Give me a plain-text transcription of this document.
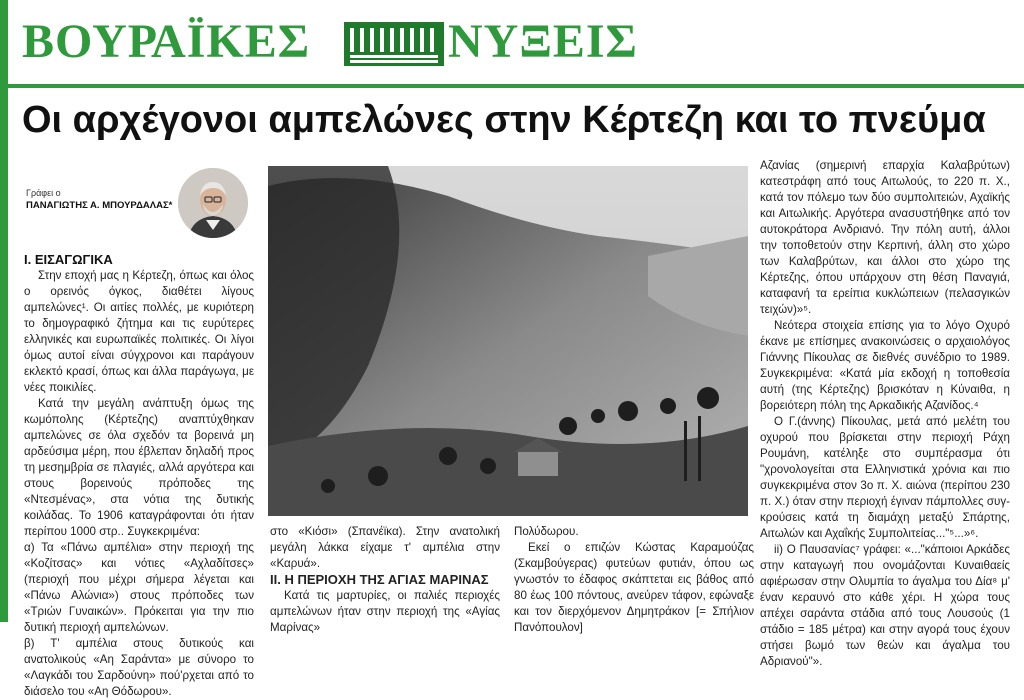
ΒΟΥΡΑΪΚΕΣ	ΝΥΞΕΙΣ
Οι αρχέγονοι αμπελώνες στην Κέρτεζη και το πνεύμα
Γράφει ο
ΠΑΝΑΓΙΩΤΗΣ Α. ΜΠΟΥΡΔΑΛΑΣ*

Ι. ΕΙΣΑΓΩΓΙΚΑ

Στην εποχή μας η Κέρτεζη, όπως και όλος ο ορεινός όγκος, διαθέτει λίγους αμπελώνες¹. Οι αιτίες πολλές, με κυριότερη το δημογραφικό ζήτημα και τις ευρύτερες ελληνικές και ευρωπαϊκές πολιτικές. Οι λίγοι όμως αυτοί είναι σύγχρονοι και παράγουν εκλεκτό κρασί, όπως και άλλα παράγωγα, με νέες ποικιλίες.

Κατά την μεγάλη ανάπτυξη όμως της κωμόπολης (Κέρτεζης) αναπτύχθηκαν αμπελώνες σε όλα σχεδόν τα βορεινά μη αρδεύσιμα μέρη, που έβλεπαν δηλαδή προς τη μεσημβρία σε πλαγιές, αλλά αργότερα και στους βορεινούς πρόποδες της «Ντεσμένας», στα νότια της δυτικής κοιλάδας. Το 1906 καταγράφονται ότι ήταν περίπου 1000 στρ.. Συγκεκριμένα:

α) Τα «Πάνω αμπέλια» στην περιοχή της «Κοζίτσας» και νότιες «Αχλαδίτσες» (περιοχή που μέχρι σήμερα λέγεται και «Πάνω Αλώνια») στους πρόποδες των «Τριών Γυναικών». Πρόκειται για την πιο δυτική περιοχή αμπελώνων.

β) Τ' αμπέλια στους δυτικούς και ανατολικούς «Αη Σαράντα» με σύνορο το «Λαγκάδι του Σαρδούνη» πού'ρχεται από το διάσελο του «Αη Θόδωρου».

στο «Κιόσι» (Σπανέϊκα). Στην ανατολική μεγάλη λάκκα είχαμε τ' αμπέλια στην «Καρυά».

ΙΙ. Η ΠΕΡΙΟΧΗ ΤΗΣ ΑΓΙΑΣ ΜΑΡΙΝΑΣ

Κατά τις μαρτυρίες, οι παλιές περιοχές αμπελώνων ήταν στην περιοχή της «Αγίας Μαρίνας»

Πολύδωρου.

Εκεί ο επιζών Κώστας Καραμούζας (Σκαμβούγερας) φυτεύων φυτιάν, όπου ως γνωστόν το έδαφος σκάπτεται εις βάθος από 80 έως 100 πόντους, ανεύρεν τάφον, εφώναξε και τον διερχόμενον Δημητράκον [= Σπήλιον Πανόπουλον]

Αζανίας (σημερινή επαρχία Καλαβρύτων) κατεστράφη από τους Αιτωλούς, το 220 π. Χ., κατά τον πόλεμο των δύο συμπολιτειών, Αχαϊκής και Αιτωλικής. Αργότερα ανασυστήθηκε από τον αυτοκράτορα Ανδριανό. Την πόλη αυτή, άλλοι την τοποθετούν στην Κερπινή, άλλη στο χώρο των Καλαβρύτων, και άλλοι στο χώρο της Κέρτεζης, όπου υπάρχουν στη θέση Παναγιά, καταφανή τα ερείπια κυκλώπειων (πελασγικών τειχών)»⁵.

Νεότερα στοιχεία επίσης για το λόγο Οχυρό έκανε με επίσημες ανακοινώσεις ο αρχαιολόγος Γιάννης Πίκουλας σε διεθνές συνέδριο το 1989. Συγκεκριμένα: «Κατά μία εκδοχή η τοποθεσία αυτή (της Κέρτεζης) βρισκόταν η Κύναιθα, η βορειότερη πόλη της Αρκαδικής Αζανίδος.⁴

Ο Γ.(άννης) Πίκουλας, μετά από μελέτη του οχυρού που βρίσκεται στην περιοχή Ράχη Ρουμάνη, κατέληξε στο συμπέρασμα ότι "χρονολογείται στα Ελληνιστικά χρόνια και πιο συγκεκριμένα στον 3ο π. Χ. αιώνα (περίπου 230 π. Χ.) όταν στην περιοχή έγιναν πάμπολλες συγ-κρούσεις κατά τη διαμάχη μεταξύ Σπάρτης, Αιτωλών και Αχαΐκής Συμπολιτείας..."⁵...»⁶.

ii) Ο Παυσανίας⁷ γράφει: «..."κάποιοι Αρκάδες στην καταγωγή που ονομάζονται Κυναιθαείς αφιέρωσαν στην Ολυμπία το άγαλμα του Δία⁸ μ' έναν κεραυνό στο κάθε χέρι. Η χώρα τους απέχει σαράντα στάδια από τους Λουσούς (1 στάδιο = 185 μέτρα) και στην αγορά τους έχουν στήσει βωμό των θεών και άγαλμα του Αδριανού"».
